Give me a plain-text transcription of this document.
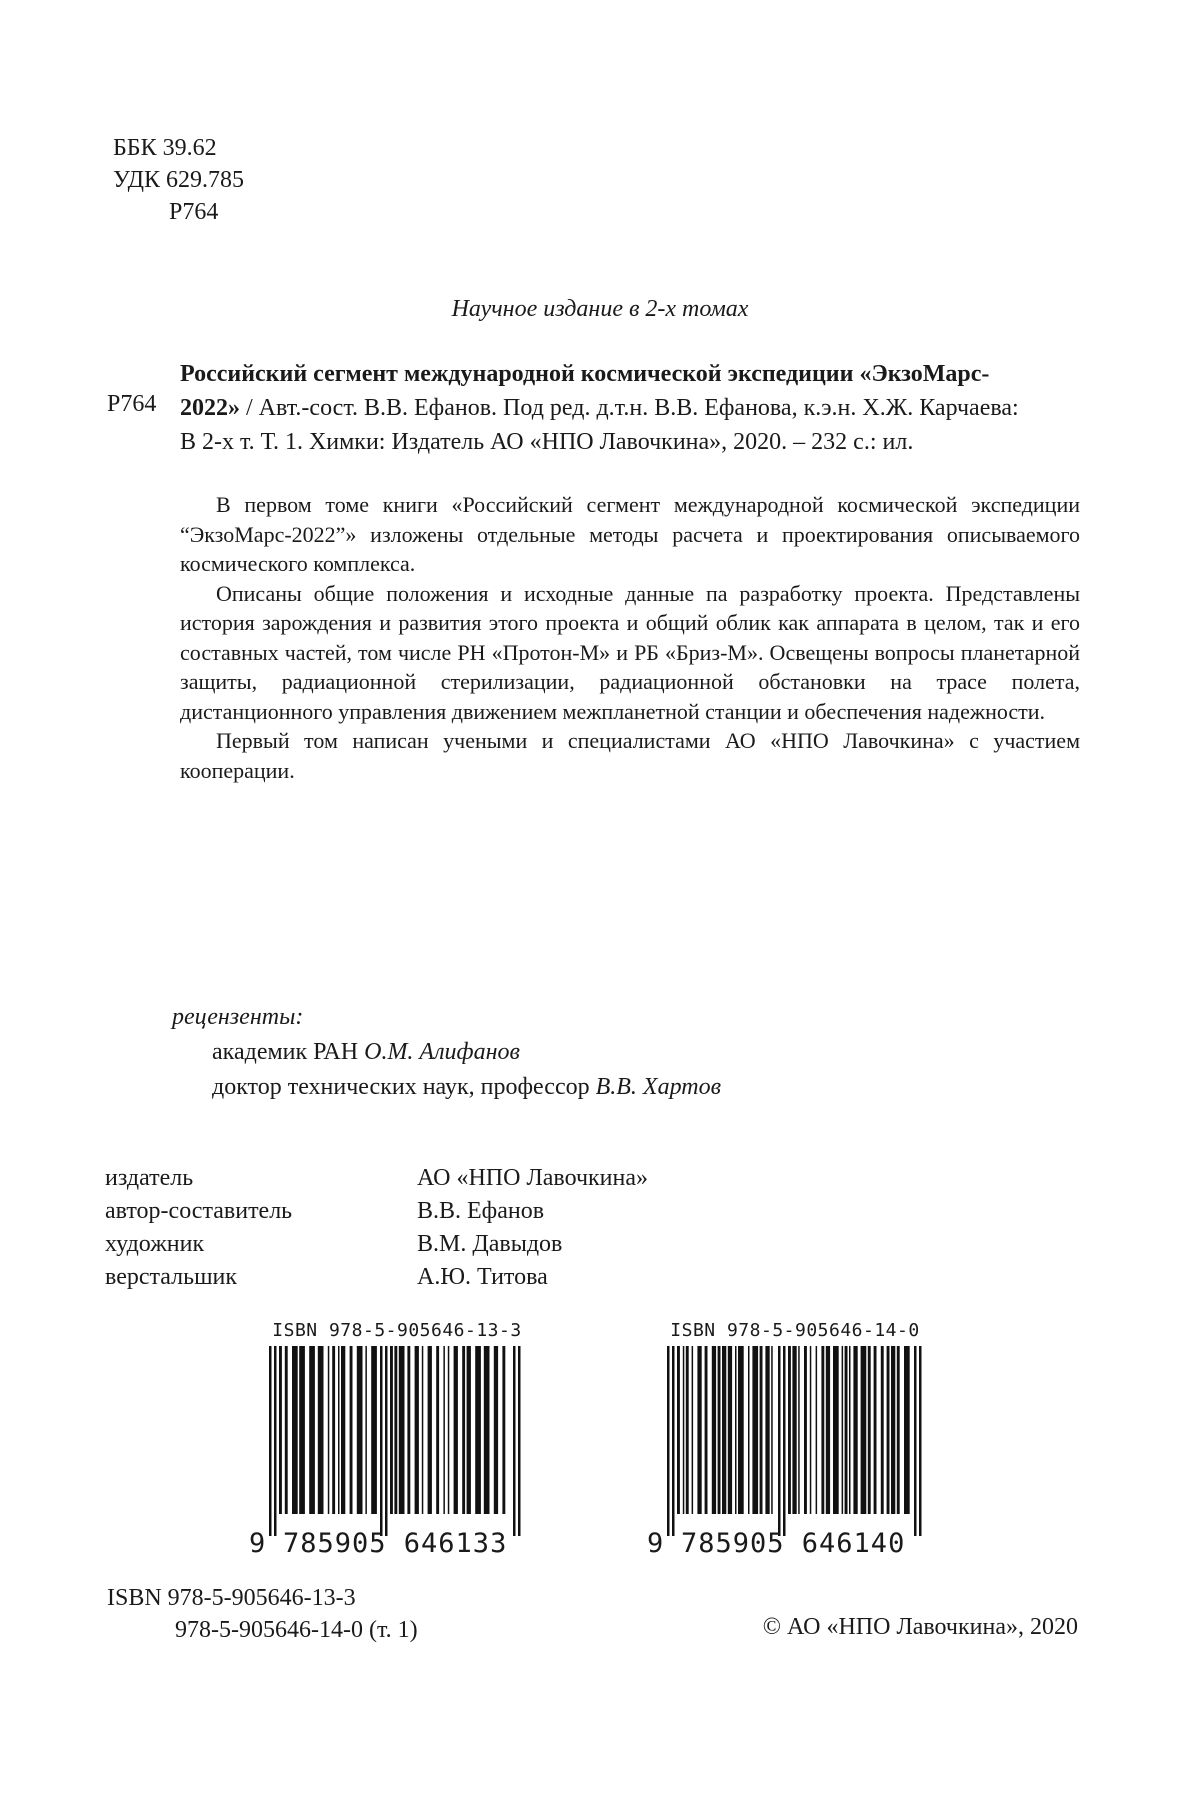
ББК 39.62
УДК 629.785
Р764
Научное издание в 2-х томах
Р764
Российский сегмент международной космической экспедиции «ЭкзоМарс-
2022» / Авт.-сост. В.В. Ефанов. Под ред. д.т.н. В.В. Ефанова, к.э.н. Х.Ж. Карчаева:
В 2-х т. Т. 1. Химки: Издатель АО «НПО Лавочкина», 2020. – 232 с.: ил.

В первом томе книги «Российский сегмент международной космической экспедиции “ЭкзоМарс-2022”» изложены отдельные методы расчета и проектирования описываемого космического комплекса.

Описаны общие положения и исходные данные па разработку проекта. Представлены история зарождения и развития этого проекта и общий облик как аппарата в целом, так и его составных частей, том числе РН «Протон-М» и РБ «Бриз-М». Освещены вопросы планетарной защиты, радиационной стерилизации, радиационной обстановки на трасе полета, дистанционного управления движением межпланетной станции и обеспечения надежности.

Первый том написан учеными и специалистами АО «НПО Лавочкина» с участием кооперации.

рецензенты:
академик РАН О.М. Алифанов
доктор технических наук, профессор В.В. Хартов
издатель	АО «НПО Лавочкина»
автор-составитель	В.В. Ефанов
художник	В.М. Давыдов
верстальшик	А.Ю. Титова
ISBN 978-5-905646-13-3
9 785905 646133
ISBN 978-5-905646-14-0
9 785905 646140
ISBN 978-5-905646-13-3
978-5-905646-14-0 (т. 1)	© АО «НПО Лавочкина», 2020
